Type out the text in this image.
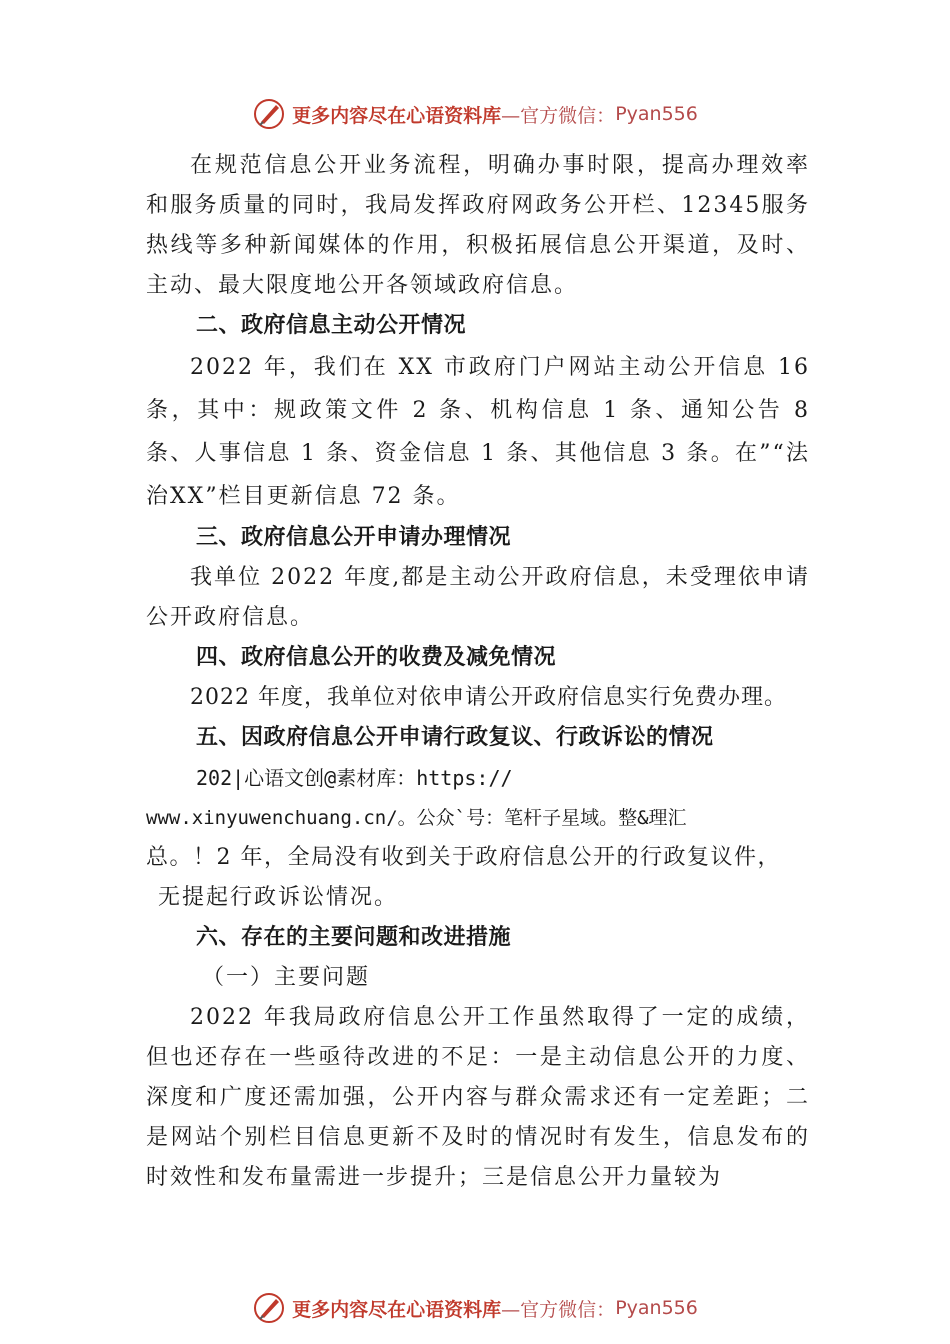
更多内容尽在心语资料库 —官方微信： Pyan556

在规范信息公开业务流程，明确办事时限，提高办理效率和服务质量的同时，我局发挥政府网政务公开栏、12345服务热线等多种新闻媒体的作用，积极拓展信息公开渠道，及时、主动、最大限度地公开各领域政府信息。

二、政府信息主动公开情况

2022 年，我们在 XX 市政府门户网站主动公开信息 16条，其中：规政策文件 2 条、机构信息 1 条、通知公告 8 条、人事信息 1 条、资金信息 1 条、其他信息 3 条。在”“法治XX”栏目更新信息 72 条。

三、政府信息公开申请办理情况

我单位 2022 年度,都是主动公开政府信息，未受理依申请公开政府信息。

四、政府信息公开的收费及减免情况

2022 年度，我单位对依申请公开政府信息实行免费办理。

五、因政府信息公开申请行政复议、行政诉讼的情况

202|心语文创@素材库：https://
www.xinyuwenchuang.cn/。公众`号：笔杆子星域。整&理汇
总。！2 年，全局没有收到关于政府信息公开的行政复议件，
无提起行政诉讼情况。

六、存在的主要问题和改进措施

（一）主要问题

2022 年我局政府信息公开工作虽然取得了一定的成绩，但也还存在一些亟待改进的不足：一是主动信息公开的力度、深度和广度还需加强，公开内容与群众需求还有一定差距；二是网站个别栏目信息更新不及时的情况时有发生，信息发布的时效性和发布量需进一步提升；三是信息公开力量较为

更多内容尽在心语资料库 —官方微信： Pyan556
